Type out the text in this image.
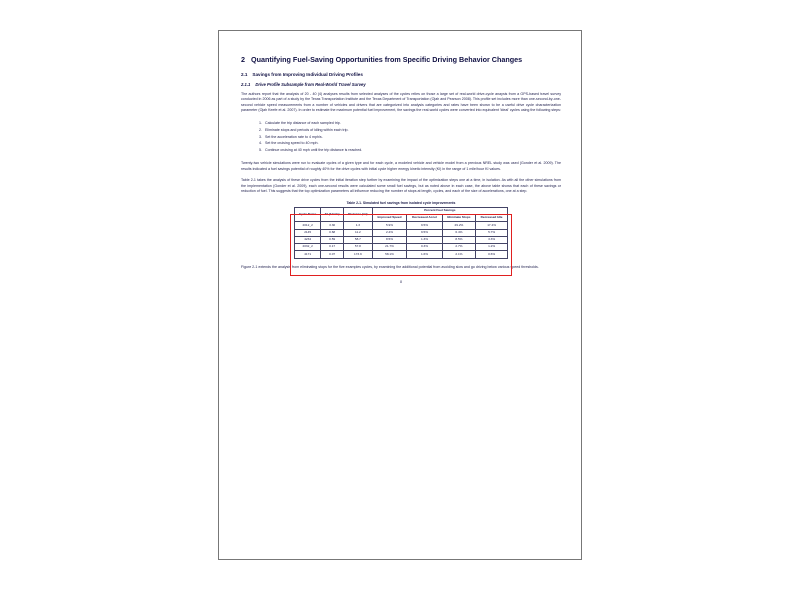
2 Quantifying Fuel-Saving Opportunities from Specific Driving Behavior Changes
2.1 Savings from Improving Individual Driving Profiles
2.1.1 Drive Profile Subsample from Real-World Travel Survey

The authors report that the analysis of 20 - 40 (4) analyses results from selected analyses of the cycles relies on those a large set of real-world drive-cycle anaysis from a GPS-based travel survey conducted in 2006 as part of a study by the Texas Transportation Institute and the Texas Department of Transportation (Ojah and Pearson 2008). This profile set includes more than one-second-by-one-second vehicle speed measurements from a number of vehicles and drivers that are categorized into analysis categories and rates have been shown to be a useful drive cycle characterization parameter (Ojah Keefe et al. 2007). In order to estimate the maximum potential fuel improvement, the savings the real-world cycles were converted into equivalent 'ideal' cycles using the following steps:

1. Calculate the trip distance of each sampled trip.
2. Eliminate stops and periods of idling within each trip.
3. Set the acceleration rate to 4 mph/s.
4. Set the cruising speed to 40 mph.
5. Continue cruising at 40 mph until the trip distance is reached.

Twenty-two vehicle simulations were run to evaluate cycles of a given type and for each cycle, a modeled vehicle and vehicle model from a previous NREL study was used (Gonder et al. 2009). The results indicated a fuel savings potential of roughly 40% for the drive cycles with initial cycle higher energy kinetic intensity (KI) in the range of 1 mile/hour KI values.

Table 2-1 takes the analysis of these drive cycles from the initial iteration step further by examining the impact of the optimization steps one at a time, in isolation. As with all the other simulations from the implementation (Gonder et al. 2009), each one-second results were calculated some small fuel savings, but as noted above in each case, the above table shows that each of these savings or reduction of fuel. This suggests that the top optimization parameters all influence reducing the number of stops at length, cycles, and each of the size of accelerations, one at a step.

Table 2-1. Simulated fuel savings from isolated cycle improvements
Cycle Name	KI (1/mile)	Distance (mi)	Percent Fuel Savings			
			Improved Speed	Decreased Accel	Eliminate Stops	Decreased Idle
2012_2	3.30	1.3	5.9%	9.5%	29.2%	17.4%
2145	0.68	11.2	2.4%	9.5%	6.4%	5.7%
4234	0.59	58.7	8.5%	1.3%	8.5%	3.3%
2032_2	0.17	57.8	21.7%	0.3%	2.7%	1.2%
4171	0.07	173.9	58.1%	1.6%	2.1%	0.6%

Figure 2-1 extends the analysis from eliminating stops for the five examples cycles, by examining the additional potential from avoiding slow and go driving below various speed thresholds.

8
